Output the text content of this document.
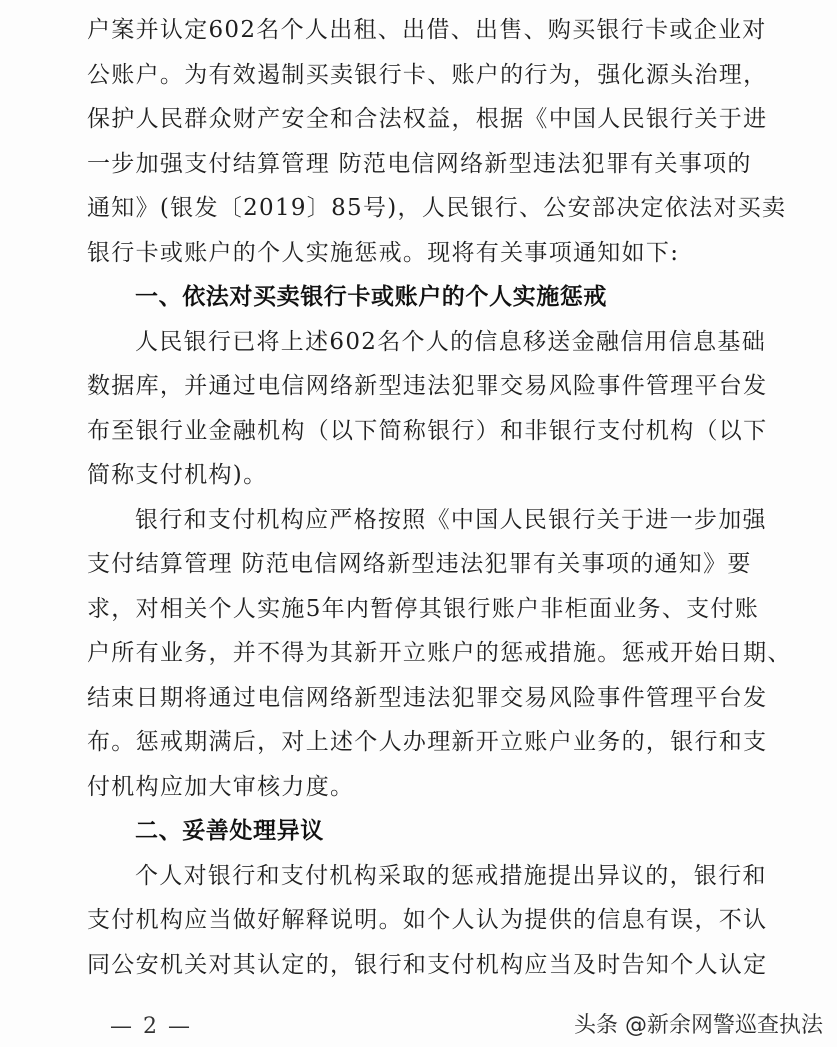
户案并认定602名个人出租、出借、出售、购买银行卡或企业对
公账户。为有效遏制买卖银行卡、账户的行为，强化源头治理，
保护人民群众财产安全和合法权益，根据《中国人民银行关于进
一步加强支付结算管理 防范电信网络新型违法犯罪有关事项的
通知》(银发〔2019〕85号)，人民银行、公安部决定依法对买卖
银行卡或账户的个人实施惩戒。现将有关事项通知如下:
一、依法对买卖银行卡或账户的个人实施惩戒
人民银行已将上述602名个人的信息移送金融信用信息基础
数据库，并通过电信网络新型违法犯罪交易风险事件管理平台发
布至银行业金融机构（以下简称银行）和非银行支付机构（以下
简称支付机构)。
银行和支付机构应严格按照《中国人民银行关于进一步加强
支付结算管理 防范电信网络新型违法犯罪有关事项的通知》要
求，对相关个人实施5年内暂停其银行账户非柜面业务、支付账
户所有业务，并不得为其新开立账户的惩戒措施。惩戒开始日期、
结束日期将通过电信网络新型违法犯罪交易风险事件管理平台发
布。惩戒期满后，对上述个人办理新开立账户业务的，银行和支
付机构应加大审核力度。
二、妥善处理异议
个人对银行和支付机构采取的惩戒措施提出异议的，银行和
支付机构应当做好解释说明。如个人认为提供的信息有误，不认
同公安机关对其认定的，银行和支付机构应当及时告知个人认定
— 2 —	头条 @新余网警巡查执法
